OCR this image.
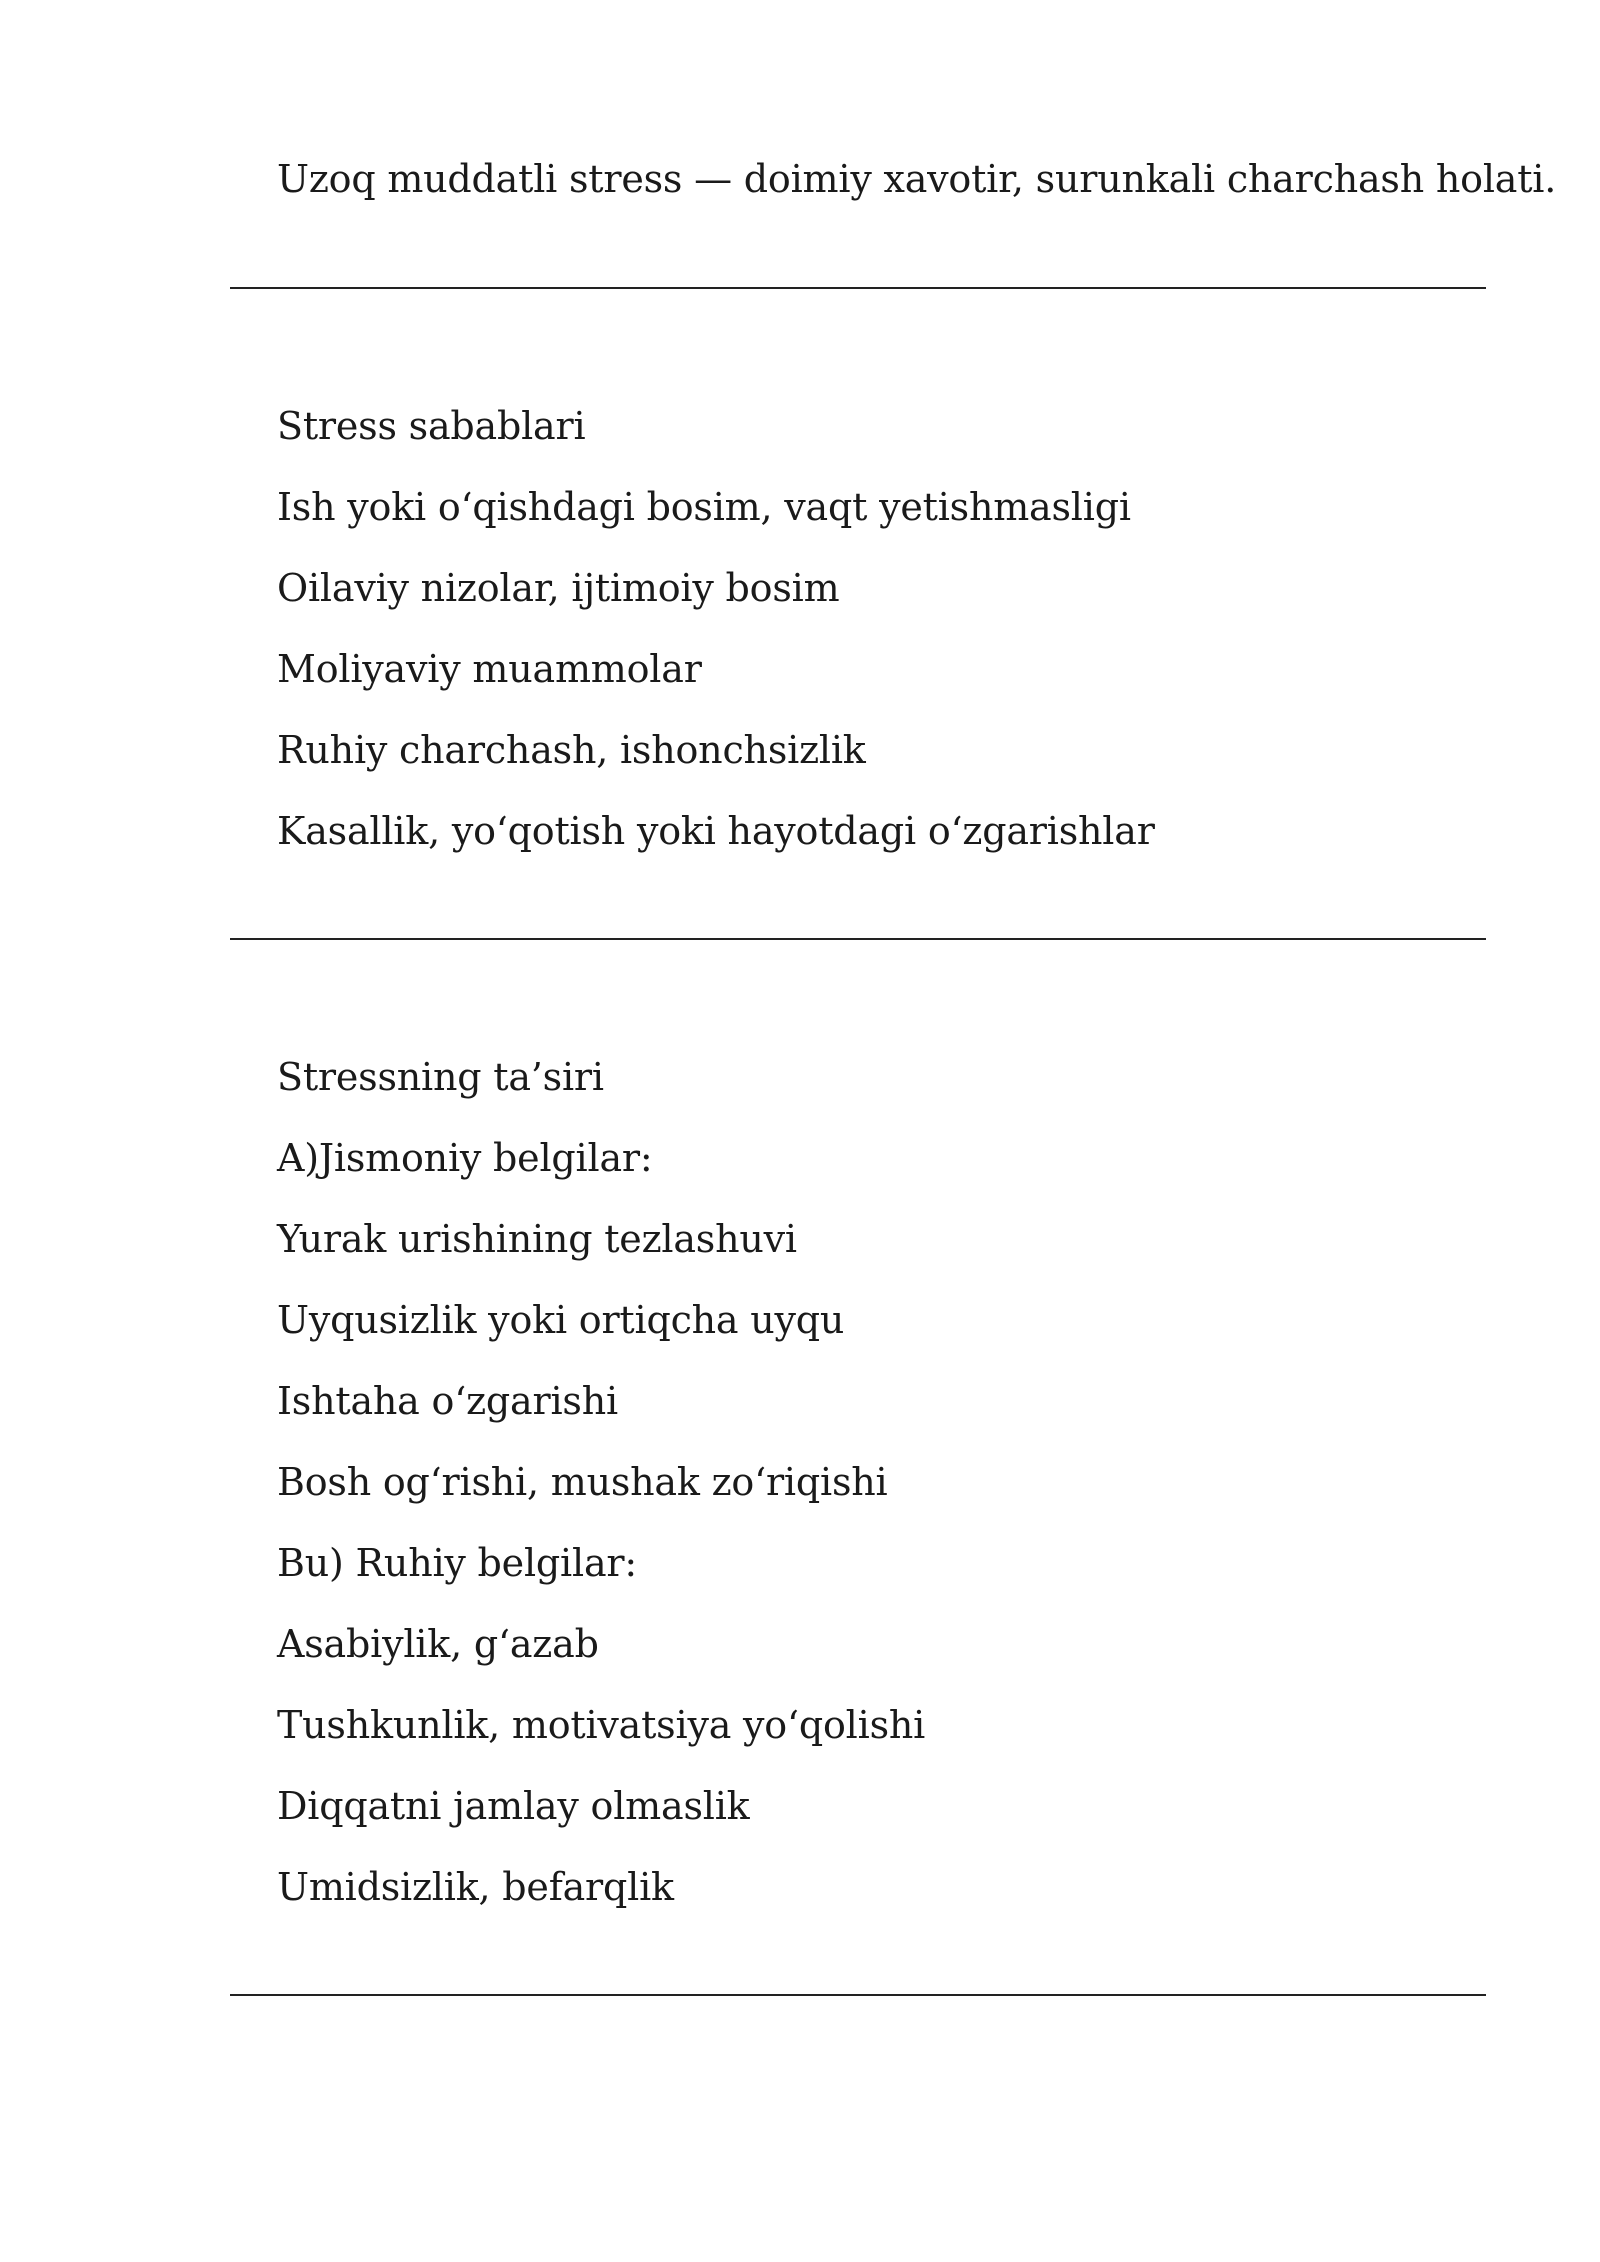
Uzoq muddatli stress — doimiy xavotir, surunkali charchash holati.
Stress sabablari
Ish yoki o‘qishdagi bosim, vaqt yetishmasligi
Oilaviy nizolar, ijtimoiy bosim
Moliyaviy muammolar
Ruhiy charchash, ishonchsizlik
Kasallik, yo‘qotish yoki hayotdagi o‘zgarishlar
Stressning ta’siri
A)Jismoniy belgilar:
Yurak urishining tezlashuvi
Uyqusizlik yoki ortiqcha uyqu
Ishtaha o‘zgarishi
Bosh og‘rishi, mushak zo‘riqishi
Bu) Ruhiy belgilar:
Asabiylik, g‘azab
Tushkunlik, motivatsiya yo‘qolishi
Diqqatni jamlay olmaslik
Umidsizlik, befarqlik
